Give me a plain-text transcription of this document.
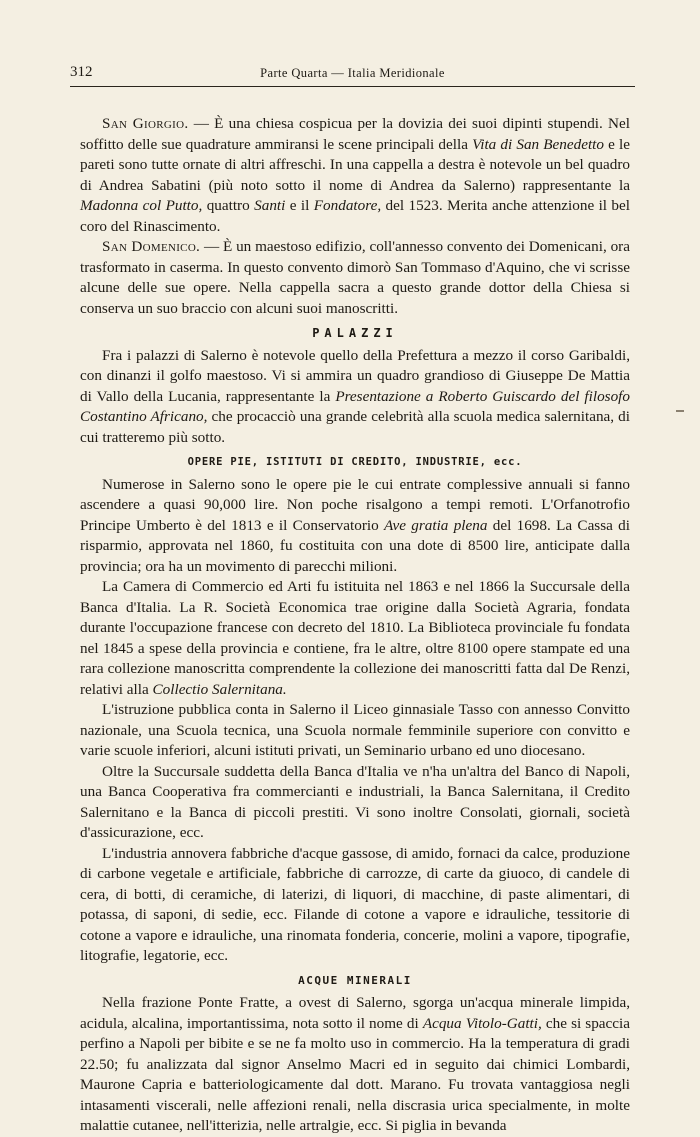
312	Parte Quarta — Italia Meridionale

San Giorgio. — È una chiesa cospicua per la dovizia dei suoi dipinti stupendi. Nel soffitto delle sue quadrature ammiransi le scene principali della Vita di San Benedetto e le pareti sono tutte ornate di altri affreschi. In una cappella a destra è notevole un bel quadro di Andrea Sabatini (più noto sotto il nome di Andrea da Salerno) rappresentante la Madonna col Putto, quattro Santi e il Fondatore, del 1523. Merita anche attenzione il bel coro del Rinascimento.

San Domenico. — È un maestoso edifizio, coll'annesso convento dei Domenicani, ora trasformato in caserma. In questo convento dimorò San Tommaso d'Aquino, che vi scrisse alcune delle sue opere. Nella cappella sacra a questo grande dottor della Chiesa si conserva un suo braccio con alcuni suoi manoscritti.

PALAZZI

Fra i palazzi di Salerno è notevole quello della Prefettura a mezzo il corso Garibaldi, con dinanzi il golfo maestoso. Vi si ammira un quadro grandioso di Giuseppe De Mattia di Vallo della Lucania, rappresentante la Presentazione a Roberto Guiscardo del filosofo Costantino Africano, che procacciò una grande celebrità alla scuola medica salernitana, di cui tratteremo più sotto.

OPERE PIE, ISTITUTI DI CREDITO, INDUSTRIE, ecc.

Numerose in Salerno sono le opere pie le cui entrate complessive annuali si fanno ascendere a quasi 90,000 lire. Non poche risalgono a tempi remoti. L'Orfanotrofio Principe Umberto è del 1813 e il Conservatorio Ave gratia plena del 1698. La Cassa di risparmio, approvata nel 1860, fu costituita con una dote di 8500 lire, anticipate dalla provincia; ora ha un movimento di parecchi milioni.

La Camera di Commercio ed Arti fu istituita nel 1863 e nel 1866 la Succursale della Banca d'Italia. La R. Società Economica trae origine dalla Società Agraria, fondata durante l'occupazione francese con decreto del 1810. La Biblioteca provinciale fu fondata nel 1845 a spese della provincia e contiene, fra le altre, oltre 8100 opere stampate ed una rara collezione manoscritta comprendente la collezione dei manoscritti fatta dal De Renzi, relativi alla Collectio Salernitana.

L'istruzione pubblica conta in Salerno il Liceo ginnasiale Tasso con annesso Convitto nazionale, una Scuola tecnica, una Scuola normale femminile superiore con convitto e varie scuole inferiori, alcuni istituti privati, un Seminario urbano ed uno diocesano.

Oltre la Succursale suddetta della Banca d'Italia ve n'ha un'altra del Banco di Napoli, una Banca Cooperativa fra commercianti e industriali, la Banca Salernitana, il Credito Salernitano e la Banca di piccoli prestiti. Vi sono inoltre Consolati, giornali, società d'assicurazione, ecc.

L'industria annovera fabbriche d'acque gassose, di amido, fornaci da calce, produzione di carbone vegetale e artificiale, fabbriche di carrozze, di carte da giuoco, di candele di cera, di botti, di ceramiche, di laterizi, di liquori, di macchine, di paste alimentari, di potassa, di saponi, di sedie, ecc. Filande di cotone a vapore e idrauliche, tessitorie di cotone a vapore e idrauliche, una rinomata fonderia, concerie, molini a vapore, tipografie, litografie, legatorie, ecc.

ACQUE MINERALI

Nella frazione Ponte Fratte, a ovest di Salerno, sgorga un'acqua minerale limpida, acidula, alcalina, importantissima, nota sotto il nome di Acqua Vitolo-Gatti, che si spaccia perfino a Napoli per bibite e se ne fa molto uso in commercio. Ha la temperatura di gradi 22.50; fu analizzata dal signor Anselmo Macri ed in seguito dai chimici Lombardi, Maurone Capria e batteriologicamente dal dott. Marano. Fu trovata vantaggiosa negli intasamenti viscerali, nelle affezioni renali, nella discrasia urica specialmente, in molte malattie cutanee, nell'itterizia, nelle artralgie, ecc. Si piglia in bevanda
